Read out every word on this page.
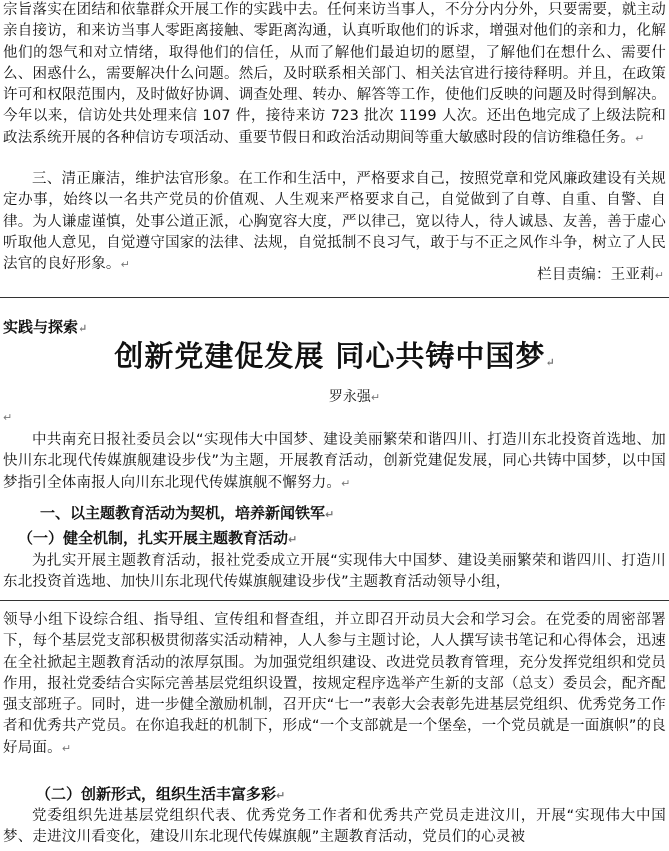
宗旨落实在团结和依靠群众开展工作的实践中去。任何来访当事人，不分分内分外，只要需要，就主动亲自接访，和来访当事人零距离接触、零距离沟通，认真听取他们的诉求，增强对他们的亲和力，化解他们的怨气和对立情绪，取得他们的信任，从而了解他们最迫切的愿望，了解他们在想什么、需要什么、困惑什么，需要解决什么问题。然后，及时联系相关部门、相关法官进行接待释明。并且，在政策许可和权限范围内，及时做好协调、调查处理、转办、解答等工作，使他们反映的问题及时得到解决。今年以来，信访处共处理来信 107 件，接待来访 723 批次 1199 人次。还出色地完成了上级法院和政法系统开展的各种信访专项活动、重要节假日和政治活动期间等重大敏感时段的信访维稳任务。↵

三、清正廉洁，维护法官形象。在工作和生活中，严格要求自己，按照党章和党风廉政建设有关规定办事，始终以一名共产党员的价值观、人生观来严格要求自己，自觉做到了自尊、自重、自警、自律。为人谦虚谨慎，处事公道正派，心胸宽容大度，严以律己，宽以待人，待人诚恳、友善，善于虚心听取他人意见，自觉遵守国家的法律、法规，自觉抵制不良习气，敢于与不正之风作斗争，树立了人民法官的良好形象。↵

栏目责编：王亚莉↵

实践与探索↵
创新党建促发展 同心共铸中国梦↵
罗永强↵
↵

中共南充日报社委员会以“实现伟大中国梦、建设美丽繁荣和谐四川、打造川东北投资首选地、加快川东北现代传媒旗舰建设步伐”为主题，开展教育活动，创新党建促发展，同心共铸中国梦，以中国梦指引全体南报人向川东北现代传媒旗舰不懈努力。↵

一、以主题教育活动为契机，培养新闻铁军↵
（一）健全机制，扎实开展主题教育活动↵

为扎实开展主题教育活动，报社党委成立开展“实现伟大中国梦、建设美丽繁荣和谐四川、打造川东北投资首选地、加快川东北现代传媒旗舰建设步伐”主题教育活动领导小组，

领导小组下设综合组、指导组、宣传组和督查组，并立即召开动员大会和学习会。在党委的周密部署下，每个基层党支部积极贯彻落实活动精神，人人参与主题讨论，人人撰写读书笔记和心得体会，迅速在全社掀起主题教育活动的浓厚氛围。为加强党组织建设、改进党员教育管理，充分发挥党组织和党员作用，报社党委结合实际完善基层党组织设置，按规定程序选举产生新的支部（总支）委员会，配齐配强支部班子。同时，进一步健全激励机制，召开庆“七一”表彰大会表彰先进基层党组织、优秀党务工作者和优秀共产党员。在你追我赶的机制下，形成“一个支部就是一个堡垒，一个党员就是一面旗帜”的良好局面。↵

（二）创新形式，组织生活丰富多彩↵

党委组织先进基层党组织代表、优秀党务工作者和优秀共产党员走进汶川，开展“实现伟大中国梦、走进汶川看变化，建设川东北现代传媒旗舰”主题教育活动，党员们的心灵被
